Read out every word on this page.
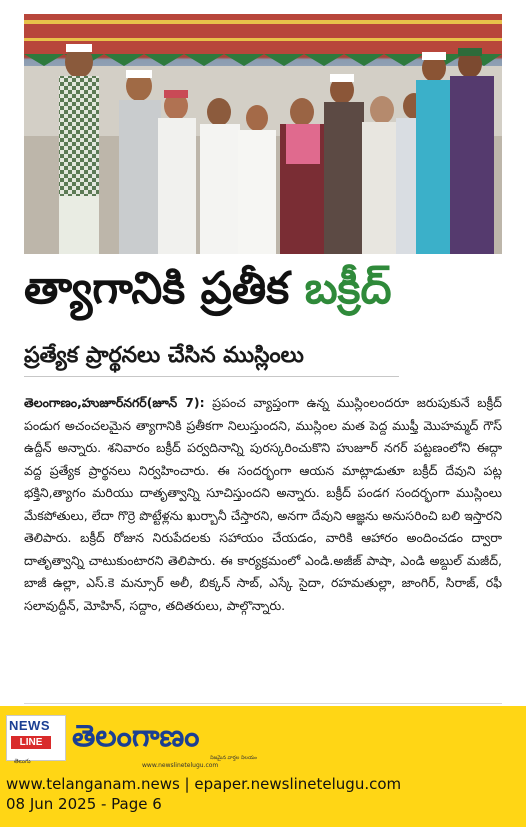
త్యాగానికి ప్రతీక బక్రీద్
ప్రత్యేక ప్రార్థనలు చేసిన ముస్లింలు
తెలంగాణం,హుజూర్‌నగర్(జూన్ 7): ప్రపంచ వ్యాప్తంగా ఉన్న ముస్లింలందరూ జరుపుకునే బక్రీద్ పండుగ అచంచలమైన త్యాగానికి ప్రతీకగా నిలుస్తుందని, ముస్లింల మత పెద్ద ముఫ్తీ మొహమ్మద్ గౌస్ ఉద్దీన్ అన్నారు. శనివారం బక్రీద్ పర్వదినాన్ని పురస్కరించుకొని హుజూర్ నగర్ పట్టణంలోని ఈద్గా వద్ద ప్రత్యేక ప్రార్థనలు నిర్వహించారు. ఈ సందర్భంగా ఆయన మాట్లాడుతూ బక్రీద్ దేవుని పట్ల భక్తిని,త్యాగం మరియు దాతృత్వాన్ని సూచిస్తుందని అన్నారు. బక్రీద్ పండగ సందర్భంగా ముస్లింలు మేకపోతులు, లేదా గొర్రె పొట్టేళ్లను ఖుర్బానీ చేస్తారని, అనగా దేవుని ఆజ్ఞను అనుసరించి బలి ఇస్తారని తెలిపారు. బక్రీద్ రోజున నిరుపేదలకు సహాయం చేయడం, వారికి ఆహారం అందించడం ద్వారా దాతృత్వాన్ని చాటుకుంటారని తెలిపారు. ఈ కార్యక్రమంలో ఎండి.అజీజ్ పాషా, ఎండి అబ్దుల్ మజీద్, బాజీ ఉల్లా, ఎస్.కె మన్సూర్ అలీ, బిక్కన్ సాబ్, ఎస్కే సైదా, రహమతుల్లా, జాంగిర్, సిరాజ్, రఫీ సలావుద్దీన్, మోహిన్, సద్దాం, తదితరులు, పాల్గొన్నారు.
NEWS
LINE
తెలుగు
తెలంగాణం
www.newslinetelugu.com
నిజమైన వార్తల నిలయం
www.telanganam.news | epaper.newslinetelugu.com
08 Jun 2025 - Page 6
